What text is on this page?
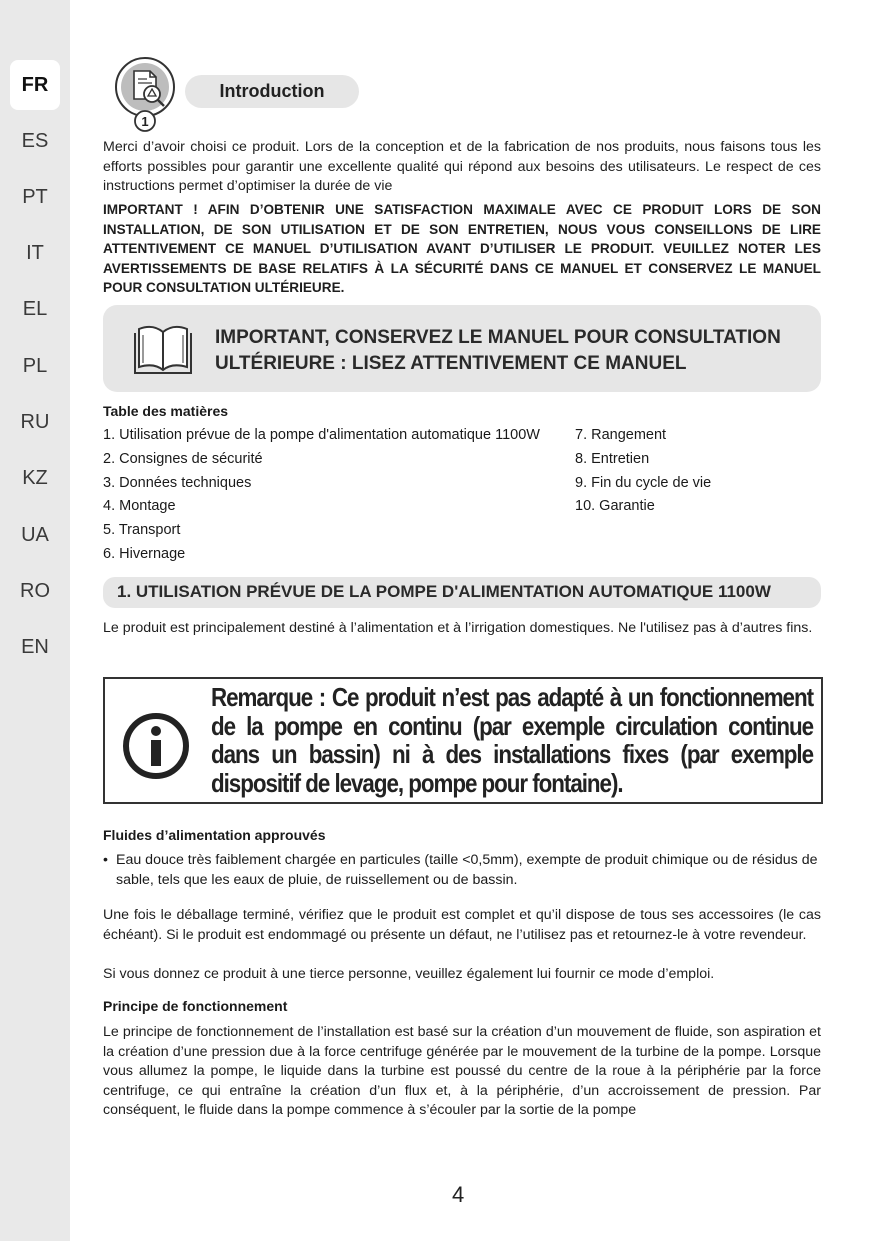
FR
ES
PT
IT
EL
PL
RU
KZ
UA
RO
EN
1
Introduction
Merci d’avoir choisi ce produit. Lors de la conception et de la fabrication de nos produits, nous faisons tous les efforts possibles pour garantir une excellente qualité qui répond aux besoins des utilisateurs. Le respect de ces instructions permet d’optimiser la durée de vie
IMPORTANT ! AFIN D’OBTENIR UNE SATISFACTION MAXIMALE AVEC CE PRODUIT LORS DE SON INSTALLATION, DE SON UTILISATION ET DE SON ENTRETIEN, NOUS VOUS CONSEILLONS DE LIRE ATTENTIVEMENT CE MANUEL D’UTILISATION AVANT D’UTILISER LE PRODUIT. VEUILLEZ NOTER LES AVERTISSEMENTS DE BASE RELATIFS À LA SÉCURITÉ DANS CE MANUEL ET CONSERVEZ LE MANUEL POUR CONSULTATION ULTÉRIEURE.
IMPORTANT, CONSERVEZ LE MANUEL POUR CONSULTATION
ULTÉRIEURE : LISEZ ATTENTIVEMENT CE MANUEL
Table des matières
1. Utilisation prévue de la pompe d'alimentation automatique 1100W
2. Consignes de sécurité
3. Données techniques
4. Montage
5. Transport
6. Hivernage
7. Rangement
8. Entretien
9. Fin du cycle de vie
10. Garantie
1. UTILISATION PRÉVUE DE LA POMPE D'ALIMENTATION AUTOMATIQUE 1100W
Le produit est principalement destiné à l’alimentation et à l’irrigation domestiques. Ne l'utilisez pas à d’autres fins.
Remarque : Ce produit n’est pas adapté à un fonctionnement de la pompe en continu (par exemple circulation continue dans un bassin) ni à des installations fixes (par exemple dispositif de levage, pompe pour fontaine).
Fluides d’alimentation approuvés
• Eau douce très faiblement chargée en particules (taille <0,5mm), exempte de produit chimique ou de résidus de sable, tels que les eaux de pluie, de ruissellement ou de bassin.
Une fois le déballage terminé, vérifiez que le produit est complet et qu’il dispose de tous ses accessoires (le cas échéant). Si le produit est endommagé ou présente un défaut, ne l’utilisez pas et retournez-le à votre revendeur.
Si vous donnez ce produit à une tierce personne, veuillez également lui fournir ce mode d’emploi.
Principe de fonctionnement
Le principe de fonctionnement de l’installation est basé sur la création d’un mouvement de fluide, son aspiration et la création d’une pression due à la force centrifuge générée par le mouvement de la turbine de la pompe. Lorsque vous allumez la pompe, le liquide dans la turbine est poussé du centre de la roue à la périphérie par la force centrifuge, ce qui entraîne la création d’un flux et, à la périphérie, d’un accroissement de pression. Par conséquent, le fluide dans la pompe commence à s’écouler par la sortie de la pompe
4
